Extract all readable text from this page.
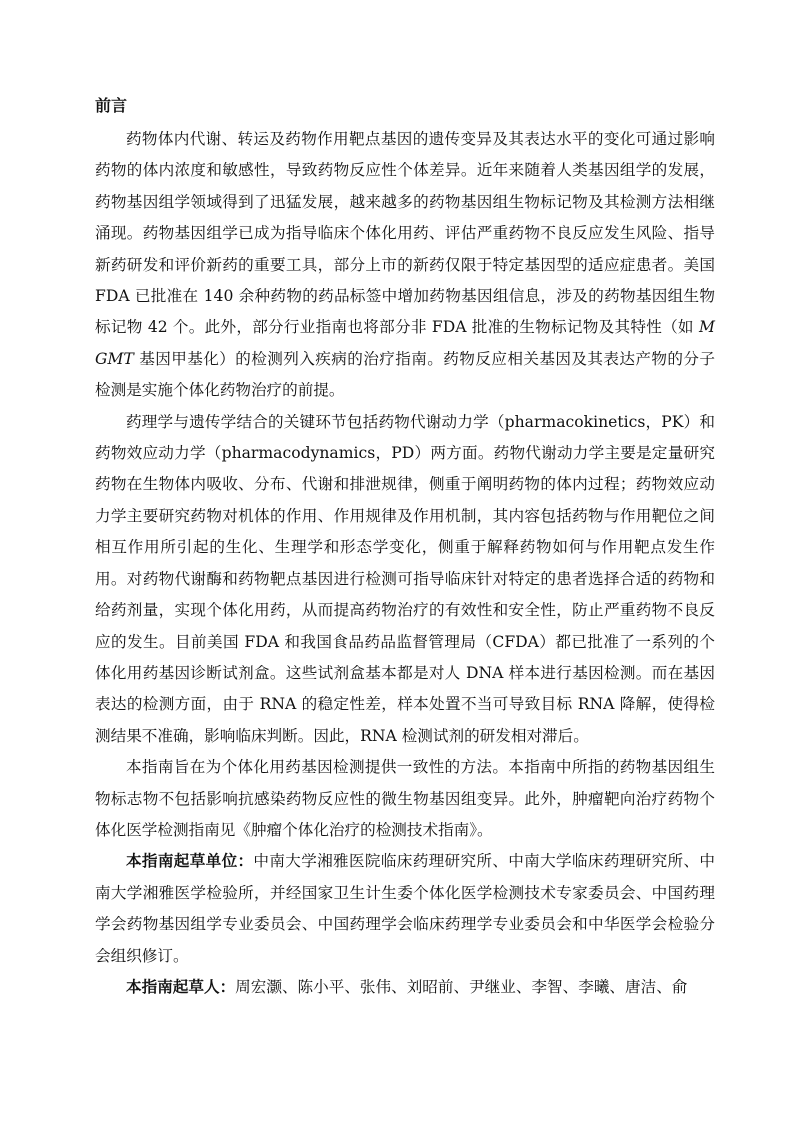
前言

药物体内代谢、转运及药物作用靶点基因的遗传变异及其表达水平的变化可通过影响药物的体内浓度和敏感性，导致药物反应性个体差异。近年来随着人类基因组学的发展，药物基因组学领域得到了迅猛发展，越来越多的药物基因组生物标记物及其检测方法相继涌现。药物基因组学已成为指导临床个体化用药、评估严重药物不良反应发生风险、指导新药研发和评价新药的重要工具，部分上市的新药仅限于特定基因型的适应症患者。美国 FDA 已批准在 140 余种药物的药品标签中增加药物基因组信息，涉及的药物基因组生物标记物 42 个。此外，部分行业指南也将部分非 FDA 批准的生物标记物及其特性（如 MGMT 基因甲基化）的检测列入疾病的治疗指南。药物反应相关基因及其表达产物的分子检测是实施个体化药物治疗的前提。

药理学与遗传学结合的关键环节包括药物代谢动力学（pharmacokinetics，PK）和药物效应动力学（pharmacodynamics，PD）两方面。药物代谢动力学主要是定量研究药物在生物体内吸收、分布、代谢和排泄规律，侧重于阐明药物的体内过程；药物效应动力学主要研究药物对机体的作用、作用规律及作用机制，其内容包括药物与作用靶位之间相互作用所引起的生化、生理学和形态学变化，侧重于解释药物如何与作用靶点发生作用。对药物代谢酶和药物靶点基因进行检测可指导临床针对特定的患者选择合适的药物和给药剂量，实现个体化用药，从而提高药物治疗的有效性和安全性，防止严重药物不良反应的发生。目前美国 FDA 和我国食品药品监督管理局（CFDA）都已批准了一系列的个体化用药基因诊断试剂盒。这些试剂盒基本都是对人 DNA 样本进行基因检测。而在基因表达的检测方面，由于 RNA 的稳定性差，样本处置不当可导致目标 RNA 降解，使得检测结果不准确，影响临床判断。因此，RNA 检测试剂的研发相对滞后。

本指南旨在为个体化用药基因检测提供一致性的方法。本指南中所指的药物基因组生物标志物不包括影响抗感染药物反应性的微生物基因组变异。此外，肿瘤靶向治疗药物个体化医学检测指南见《肿瘤个体化治疗的检测技术指南》。

本指南起草单位：中南大学湘雅医院临床药理研究所、中南大学临床药理研究所、中南大学湘雅医学检验所，并经国家卫生计生委个体化医学检测技术专家委员会、中国药理学会药物基因组学专业委员会、中国药理学会临床药理学专业委员会和中华医学会检验分会组织修订。

本指南起草人：周宏灏、陈小平、张伟、刘昭前、尹继业、李智、李曦、唐洁、俞
